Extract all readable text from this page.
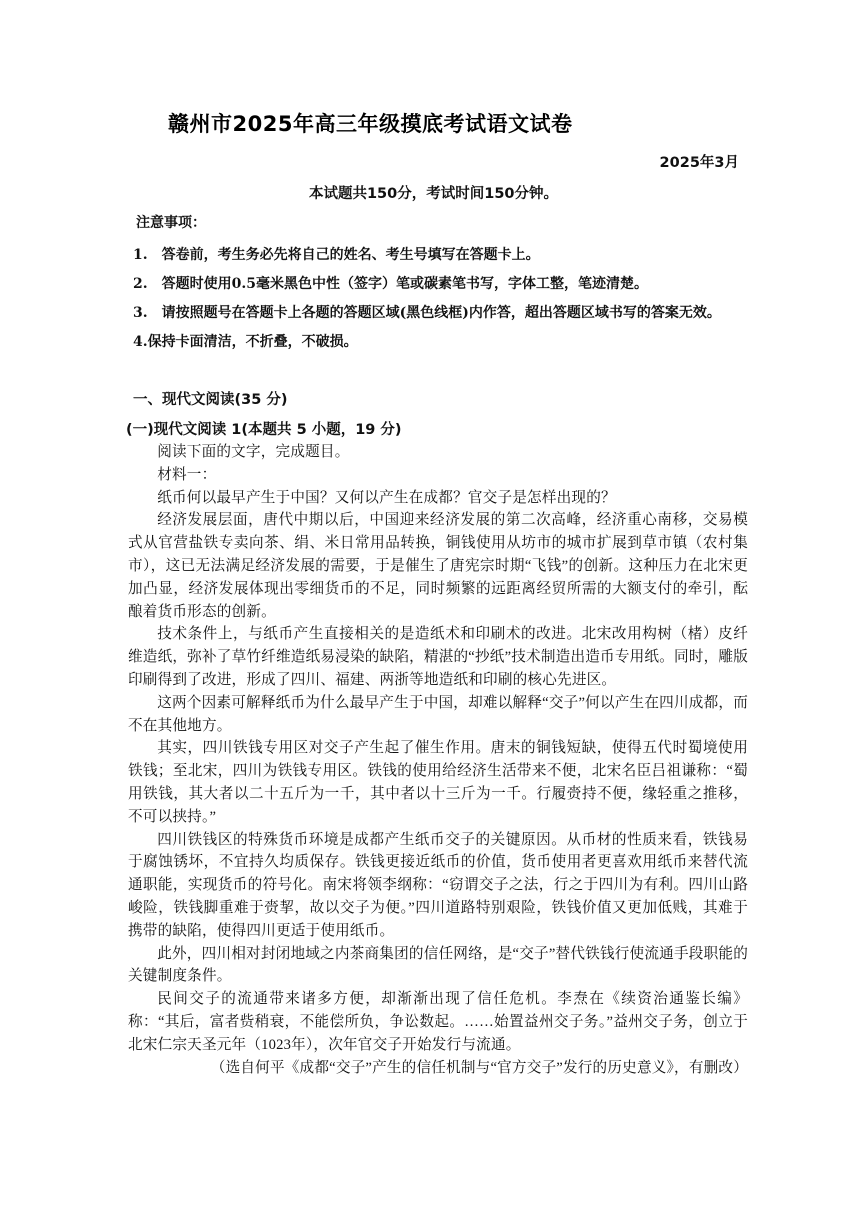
赣州市2025年高三年级摸底考试语文试卷
2025年3月
本试题共150分，考试时间150分钟。
注意事项：
1.　答卷前，考生务必先将自己的姓名、考生号填写在答题卡上。
2.　答题时使用0.5毫米黑色中性（签字）笔或碳素笔书写，字体工整，笔迹清楚。
3.　请按照题号在答题卡上各题的答题区域(黑色线框)内作答，超出答题区域书写的答案无效。
4.保持卡面清洁，不折叠，不破损。
一、现代文阅读(35 分)
(一)现代文阅读 1(本题共 5 小题，19 分)

阅读下面的文字，完成题目。

材料一：

纸币何以最早产生于中国？又何以产生在成都？官交子是怎样出现的？

经济发展层面，唐代中期以后，中国迎来经济发展的第二次高峰，经济重心南移，交易模式从官营盐铁专卖向茶、绢、米日常用品转换，铜钱使用从坊市的城市扩展到草市镇（农村集市），这已无法满足经济发展的需要，于是催生了唐宪宗时期“飞钱”的创新。这种压力在北宋更加凸显，经济发展体现出零细货币的不足，同时频繁的远距离经贸所需的大额支付的牵引，酝酿着货币形态的创新。

技术条件上，与纸币产生直接相关的是造纸术和印刷术的改进。北宋改用构树（楮）皮纤维造纸，弥补了草竹纤维造纸易浸染的缺陷，精湛的“抄纸”技术制造出造币专用纸。同时，雕版印刷得到了改进，形成了四川、福建、两浙等地造纸和印刷的核心先进区。

这两个因素可解释纸币为什么最早产生于中国，却难以解释“交子”何以产生在四川成都，而不在其他地方。

其实，四川铁钱专用区对交子产生起了催生作用。唐末的铜钱短缺，使得五代时蜀境使用铁钱；至北宋，四川为铁钱专用区。铁钱的使用给经济生活带来不便，北宋名臣吕祖谦称：“蜀用铁钱，其大者以二十五斤为一千，其中者以十三斤为一千。行履赍持不便，缘轻重之推移，不可以挟持。”

四川铁钱区的特殊货币环境是成都产生纸币交子的关键原因。从币材的性质来看，铁钱易于腐蚀锈坏，不宜持久均质保存。铁钱更接近纸币的价值，货币使用者更喜欢用纸币来替代流通职能，实现货币的符号化。南宋将领李纲称：“窃谓交子之法，行之于四川为有利。四川山路峻险，铁钱脚重难于赍挈，故以交子为便。”四川道路特别艰险，铁钱价值又更加低贱，其难于携带的缺陷，使得四川更适于使用纸币。

此外，四川相对封闭地域之内茶商集团的信任网络，是“交子”替代铁钱行使流通手段职能的关键制度条件。

民间交子的流通带来诸多方便，却渐渐出现了信任危机。李焘在《续资治通鉴长编》称：“其后，富者赀稍衰，不能偿所负，争讼数起。……始置益州交子务。”益州交子务，创立于北宋仁宗天圣元年（1023年），次年官交子开始发行与流通。

（选自何平《成都“交子”产生的信任机制与“官方交子”发行的历史意义》，有删改）
